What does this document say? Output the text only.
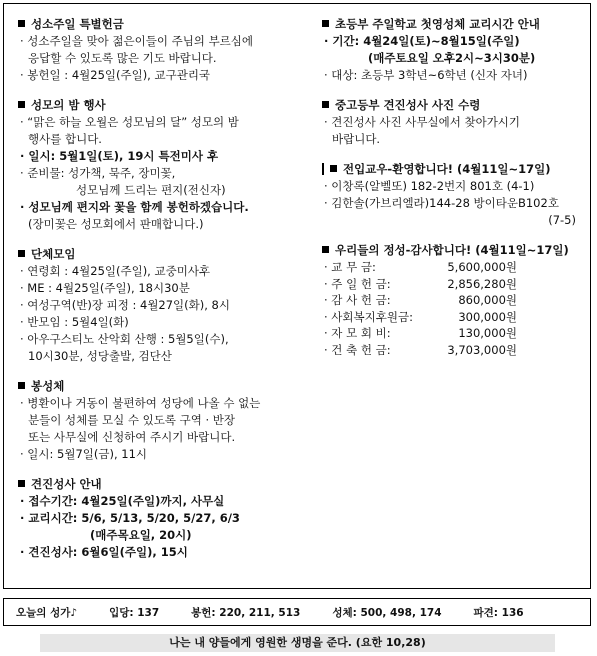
성소주일 특별헌금
· 성소주일을 맞아 젊은이들이 주님의 부르심에
응답할 수 있도록 많은 기도 바랍니다.
· 봉헌일 : 4월25일(주일), 교구관리국
성모의 밤 행사
· “맑은 하늘 오월은 성모님의 달” 성모의 밤
행사를 합니다.
· 일시: 5월1일(토), 19시 특전미사 후
· 준비물: 성가책, 묵주, 장미꽃,
성모님께 드리는 편지(전신자)
· 성모님께 편지와 꽃을 함께 봉헌하겠습니다.
(장미꽃은 성모회에서 판매합니다.)
단체모임
· 연령회 : 4월25일(주일), 교중미사후
· ME : 4월25일(주일), 18시30분
· 여성구역(반)장 피정 : 4월27일(화), 8시
· 반모임 : 5월4일(화)
· 아우구스티노 산악회 산행 : 5월5일(수),
10시30분, 성당출발, 검단산
봉성체
· 병환이나 거동이 불편하여 성당에 나올 수 없는
분들이 성체를 모실 수 있도록 구역 · 반장
또는 사무실에 신청하여 주시기 바랍니다.
· 일시: 5월7일(금), 11시
견진성사 안내
· 접수기간: 4월25일(주일)까지, 사무실
· 교리시간: 5/6, 5/13, 5/20, 5/27, 6/3
(매주목요일, 20시)
· 견진성사: 6월6일(주일), 15시
초등부 주일학교 첫영성체 교리시간 안내
· 기간: 4월24일(토)~8월15일(주일)
(매주토요일 오후2시~3시30분)
· 대상: 초등부 3학년~6학년 (신자 자녀)
중고등부 견진성사 사진 수령
· 견진성사 사진 사무실에서 찾아가시기
바랍니다.
전입교우-환영합니다! (4월11일~17일)
· 이창록(알벨또) 182-2번지 801호 (4-1)
· 김한솔(가브리엘라)144-28 방이타운B102호
(7-5)
우리들의 정성-감사합니다! (4월11일~17일)
· 교 무 금:	5,600,000원
· 주 일 헌 금:	2,856,280원
· 감 사 헌 금:	860,000원
· 사회복지후원금:	300,000원
· 자 모 회 비:	130,000원
· 건 축 헌 금:	3,703,000원
오늘의 성가♪	입당: 137	봉헌: 220, 211, 513	성체: 500, 498, 174	파견: 136
나는 내 양들에게 영원한 생명을 준다. (요한 10,28)
